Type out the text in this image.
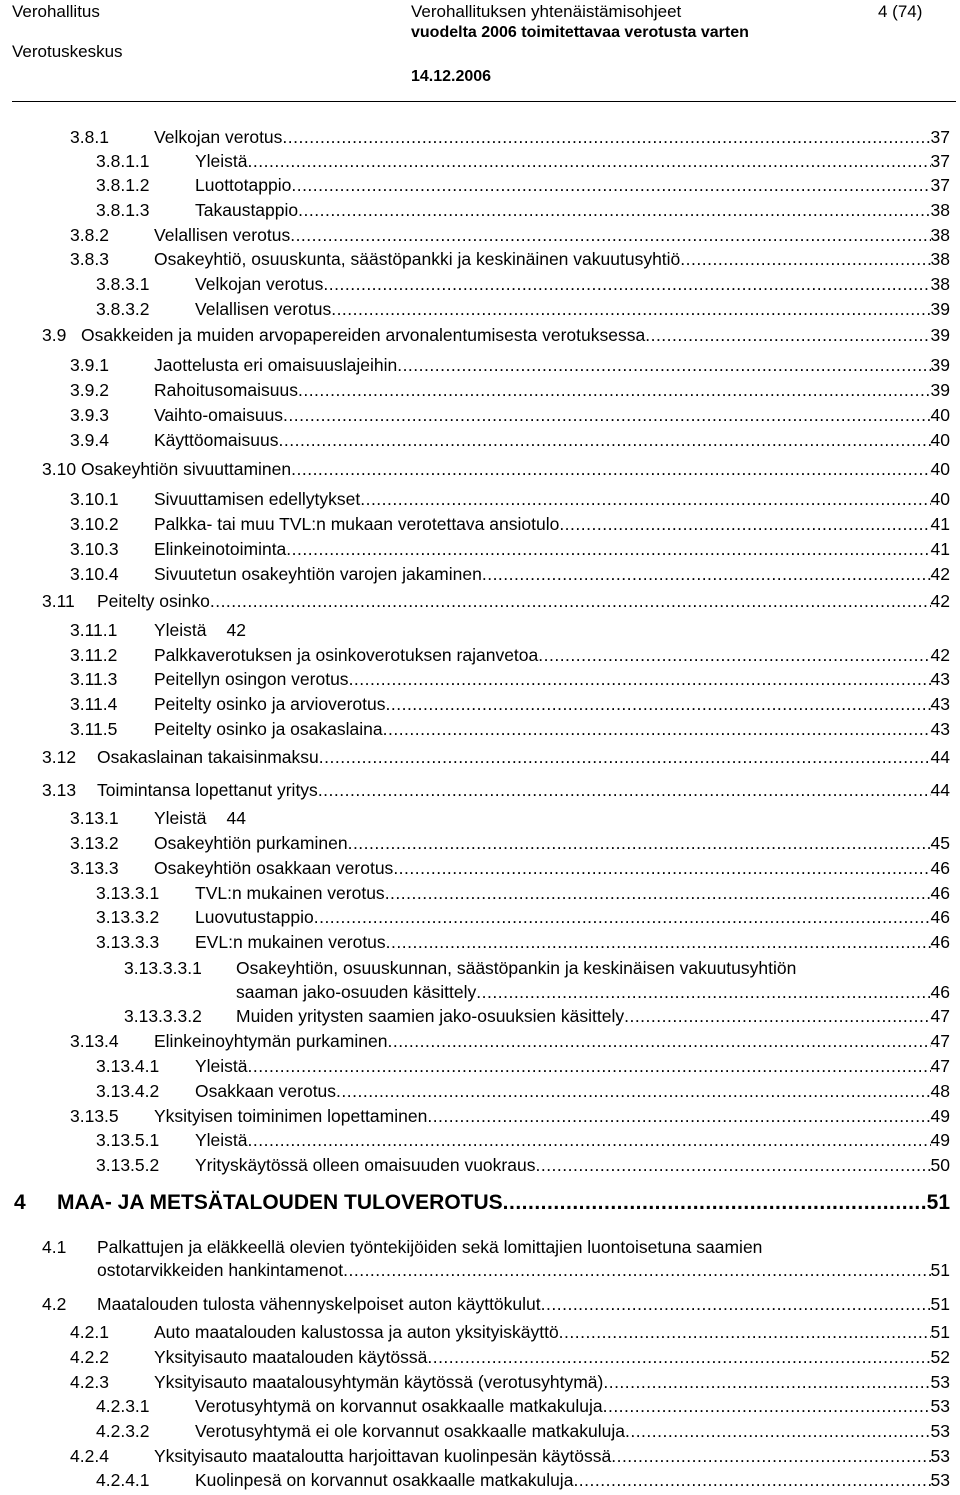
Verohallitus
Verotuskeskus
Verohallituksen yhtenäistämisohjeet
vuodelta 2006 toimitettavaa verotusta varten
14.12.2006
4 (74)
3.8.1	Velkojan verotus .....	37
3.8.1.1	Yleistä .....	37
3.8.1.2	Luottotappio .....	37
3.8.1.3	Takaustappio .....	38
3.8.2	Velallisen verotus .....	38
3.8.3	Osakeyhtiö, osuuskunta, säästöpankki ja keskinäinen vakuutusyhtiö .....	38
3.8.3.1	Velkojan verotus .....	38
3.8.3.2	Velallisen verotus .....	39
3.9 Osakkeiden ja muiden arvopapereiden arvonalentumisesta verotuksessa .....	39
3.9.1	Jaottelusta eri omaisuuslajeihin .....	39
3.9.2	Rahoitusomaisuus .....	39
3.9.3	Vaihto-omaisuus .....	40
3.9.4	Käyttöomaisuus .....	40
3.10 Osakeyhtiön sivuuttaminen .....	40
3.10.1	Sivuuttamisen edellytykset .....	40
3.10.2	Palkka- tai muu TVL:n mukaan verotettava ansiotulo .....	41
3.10.3	Elinkeinotoiminta .....	41
3.10.4	Sivuutetun osakeyhtiön varojen jakaminen .....	42
3.11	Peitelty osinko .....	42
3.11.1	Yleistä 42
3.11.2	Palkkaverotuksen ja osinkoverotuksen rajanvetoa .....	42
3.11.3	Peitellyn osingon verotus .....	43
3.11.4	Peitelty osinko ja arvioverotus .....	43
3.11.5	Peitelty osinko ja osakaslaina .....	43
3.12	Osakaslainan takaisinmaksu .....	44
3.13	Toimintansa lopettanut yritys .....	44
3.13.1	Yleistä 44
3.13.2	Osakeyhtiön purkaminen .....	45
3.13.3	Osakeyhtiön osakkaan verotus .....	46
3.13.3.1	TVL:n mukainen verotus .....	46
3.13.3.2	Luovutustappio .....	46
3.13.3.3	EVL:n mukainen verotus .....	46
3.13.3.3.1 Osakeyhtiön, osuuskunnan, säästöpankin ja keskinäisen vakuutusyhtiön
saaman jako-osuuden käsittely .....	46
3.13.3.3.2	Muiden yritysten saamien jako-osuuksien käsittely .....	47
3.13.4	Elinkeinoyhtymän purkaminen .....	47
3.13.4.1	Yleistä .....	47
3.13.4.2	Osakkaan verotus .....	48
3.13.5	Yksityisen toiminimen lopettaminen .....	49
3.13.5.1	Yleistä .....	49
3.13.5.2	Yrityskäytössä olleen omaisuuden vuokraus .....	50
4	MAA- JA METSÄTALOUDEN TULOVEROTUS .....	51
4.1 Palkattujen ja eläkkeellä olevien työntekijöiden sekä lomittajien luontoisetuna saamien
ostotarvikkeiden hankintamenot .....	51
4.2	Maatalouden tulosta vähennyskelpoiset auton käyttökulut .....	51
4.2.1	Auto maatalouden kalustossa ja auton yksityiskäyttö .....	51
4.2.2	Yksityisauto maatalouden käytössä .....	52
4.2.3	Yksityisauto maatalousyhtymän käytössä (verotusyhtymä) .....	53
4.2.3.1	Verotusyhtymä on korvannut osakkaalle matkakuluja .....	53
4.2.3.2	Verotusyhtymä ei ole korvannut osakkaalle matkakuluja .....	53
4.2.4	Yksityisauto maataloutta harjoittavan kuolinpesän käytössä .....	53
4.2.4.1	Kuolinpesä on korvannut osakkaalle matkakuluja .....	53
